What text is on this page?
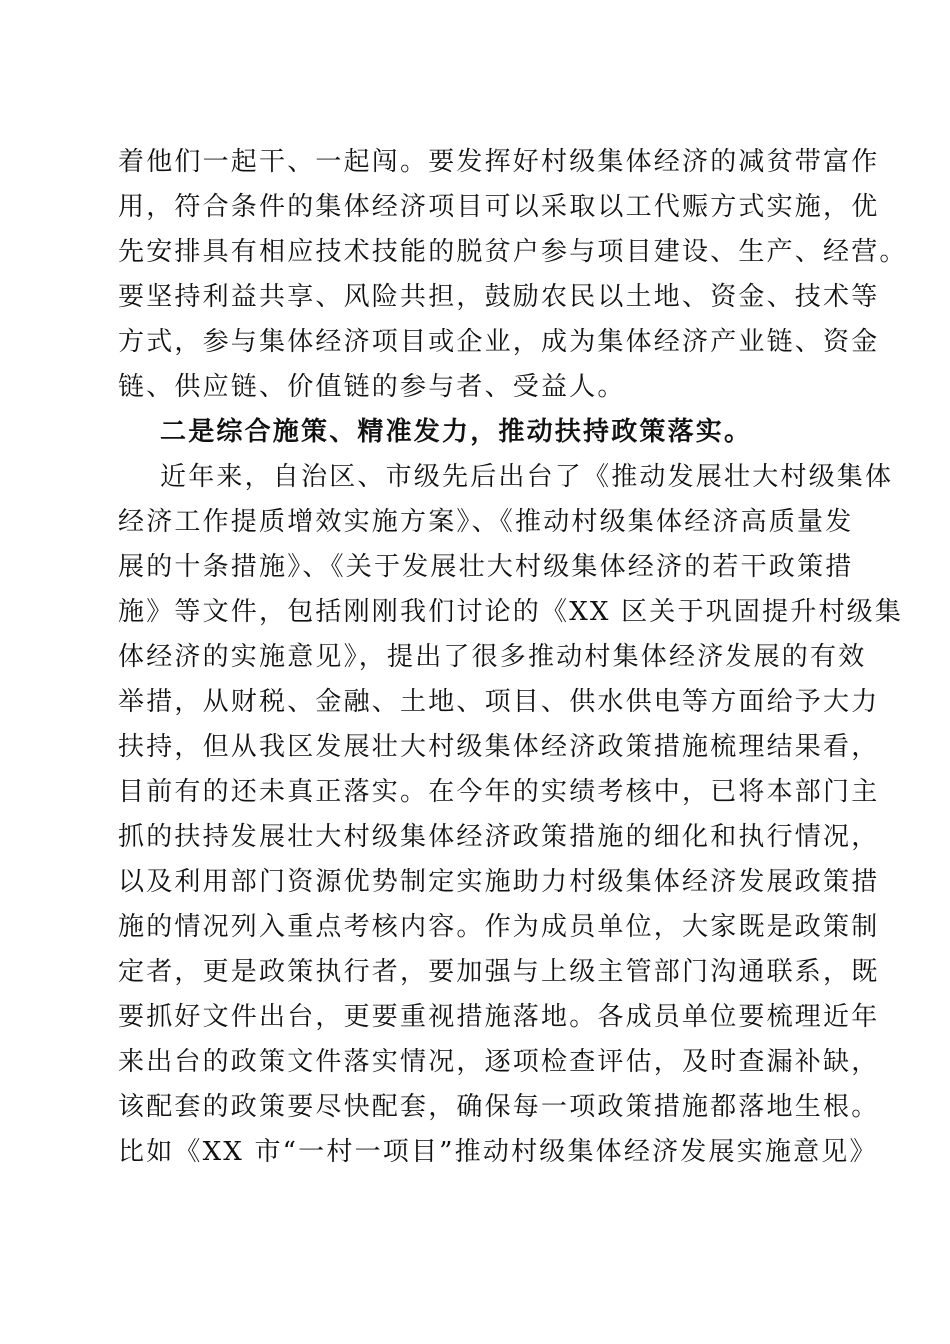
着他们一起干、一起闯。要发挥好村级集体经济的减贫带富作

用，符合条件的集体经济项目可以采取以工代赈方式实施，优

先安排具有相应技术技能的脱贫户参与项目建设、生产、经营。

要坚持利益共享、风险共担，鼓励农民以土地、资金、技术等

方式，参与集体经济项目或企业，成为集体经济产业链、资金

链、供应链、价值链的参与者、受益人。

二是综合施策、精准发力，推动扶持政策落实。

近年来，自治区、市级先后出台了《推动发展壮大村级集体

经济工作提质增效实施方案》、《推动村级集体经济高质量发

展的十条措施》、《关于发展壮大村级集体经济的若干政策措

施》等文件，包括刚刚我们讨论的《XX 区关于巩固提升村级集

体经济的实施意见》，提出了很多推动村集体经济发展的有效

举措，从财税、金融、土地、项目、供水供电等方面给予大力

扶持，但从我区发展壮大村级集体经济政策措施梳理结果看，

目前有的还未真正落实。在今年的实绩考核中，已将本部门主

抓的扶持发展壮大村级集体经济政策措施的细化和执行情况，

以及利用部门资源优势制定实施助力村级集体经济发展政策措

施的情况列入重点考核内容。作为成员单位，大家既是政策制

定者，更是政策执行者，要加强与上级主管部门沟通联系，既

要抓好文件出台，更要重视措施落地。各成员单位要梳理近年

来出台的政策文件落实情况，逐项检查评估，及时查漏补缺，

该配套的政策要尽快配套，确保每一项政策措施都落地生根。

比如《XX 市“一村一项目”推动村级集体经济发展实施意见》
